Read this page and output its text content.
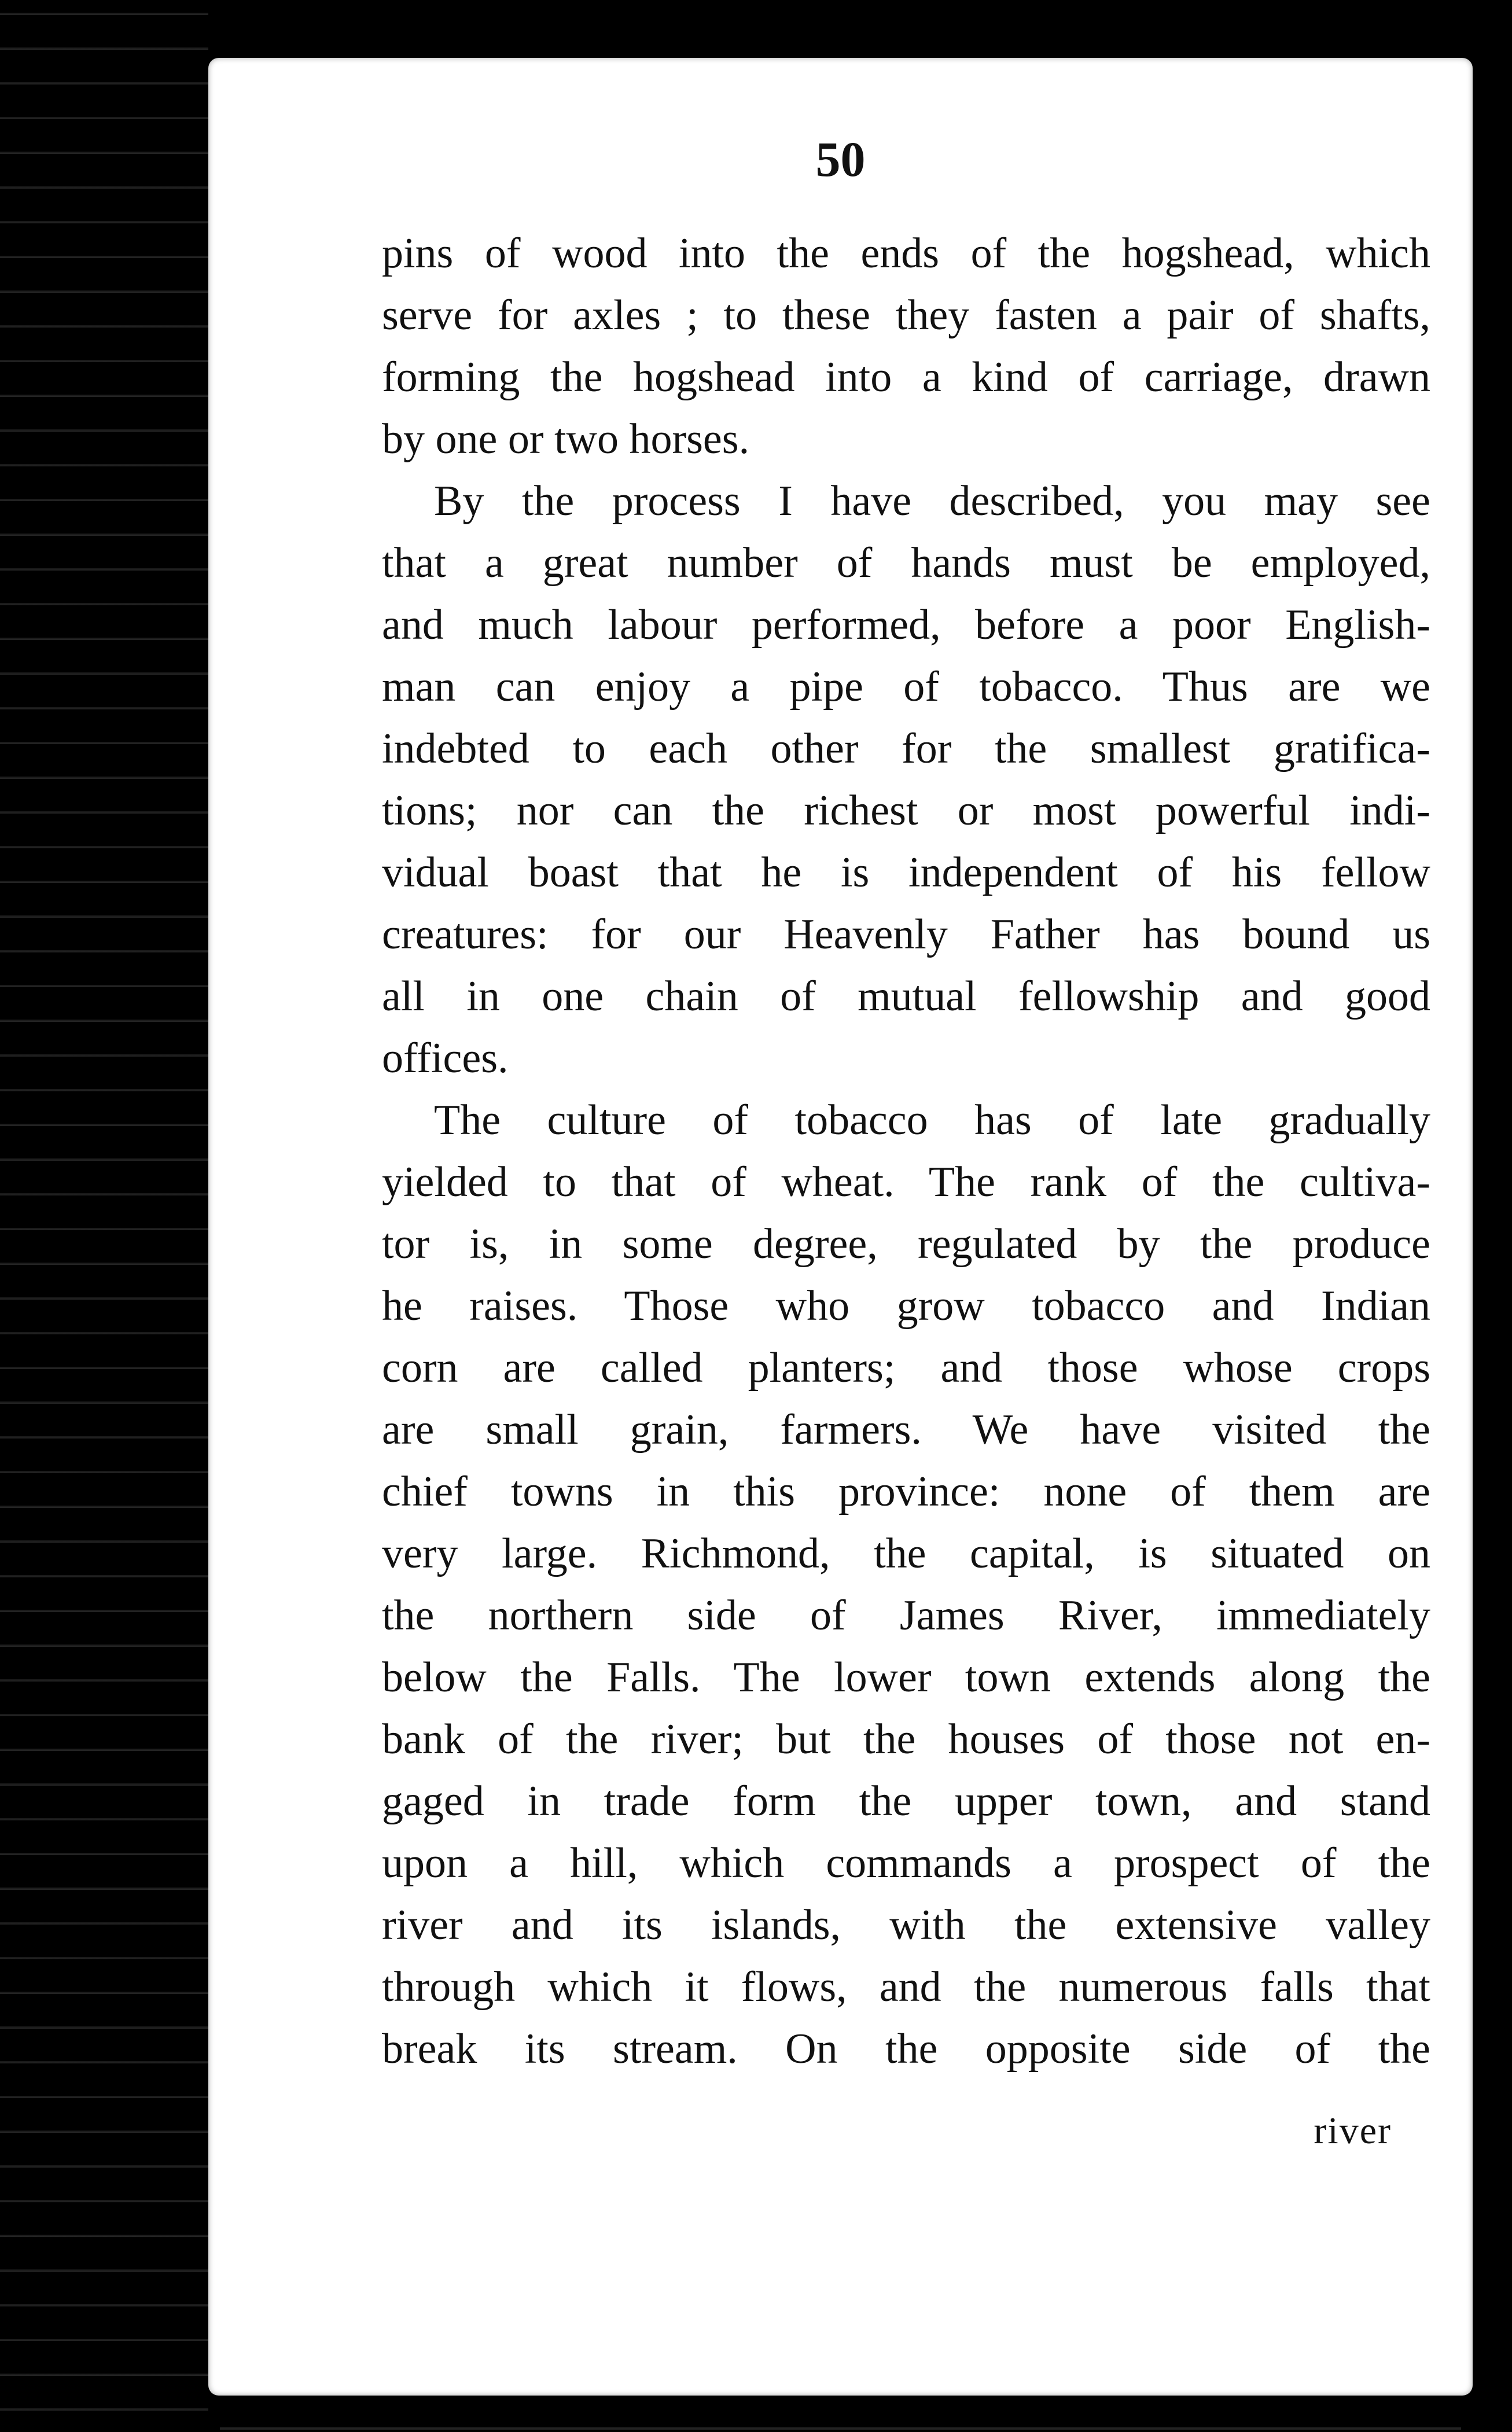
50

pins of wood into the ends of the hogshead, which
serve for axles ; to these they fasten a pair of shafts,
forming the hogshead into a kind of carriage, drawn
by one or two horses.
By the process I have described, you may see
that a great number of hands must be employed,
and much labour performed, before a poor English-
man can enjoy a pipe of tobacco. Thus are we
indebted to each other for the smallest gratifica-
tions; nor can the richest or most powerful indi-
vidual boast that he is independent of his fellow
creatures: for our Heavenly Father has bound us
all in one chain of mutual fellowship and good
offices.
The culture of tobacco has of late gradually
yielded to that of wheat. The rank of the cultiva-
tor is, in some degree, regulated by the produce
he raises. Those who grow tobacco and Indian
corn are called planters; and those whose crops
are small grain, farmers. We have visited the
chief towns in this province: none of them are
very large. Richmond, the capital, is situated on
the northern side of James River, immediately
below the Falls. The lower town extends along the
bank of the river; but the houses of those not en-
gaged in trade form the upper town, and stand
upon a hill, which commands a prospect of the
river and its islands, with the extensive valley
through which it flows, and the numerous falls that
break its stream. On the opposite side of the
river
